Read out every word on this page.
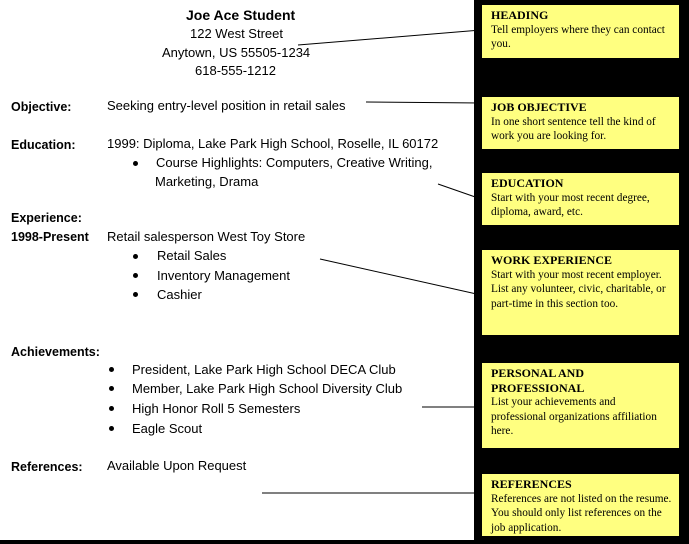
Joe Ace Student
122 West Street
Anytown, US 55505-1234
618-555-1212
Objective:	Seeking entry-level position in retail sales
Education: 1999: Diploma, Lake Park High School, Roselle, IL 60172
Course Highlights: Computers, Creative Writing,
Marketing, Drama
Experience:
1998-Present Retail salesperson West Toy Store
Retail Sales
Inventory Management
Cashier
Achievements:
President, Lake Park High School DECA Club
Member, Lake Park High School Diversity Club
High Honor Roll 5 Semesters
Eagle Scout
References: Available Upon Request
HEADING
Tell employers where they can contact you.
JOB OBJECTIVE
In one short sentence tell the kind of work you are looking for.
EDUCATION
Start with your most recent degree, diploma, award, etc.
WORK EXPERIENCE
Start with your most recent employer. List any volunteer, civic, charitable, or part-time in this section too.
PERSONAL AND PROFESSIONAL
List your achievements and professional organizations affiliation here.
REFERENCES
References are not listed on the resume. You should only list references on the job application.
